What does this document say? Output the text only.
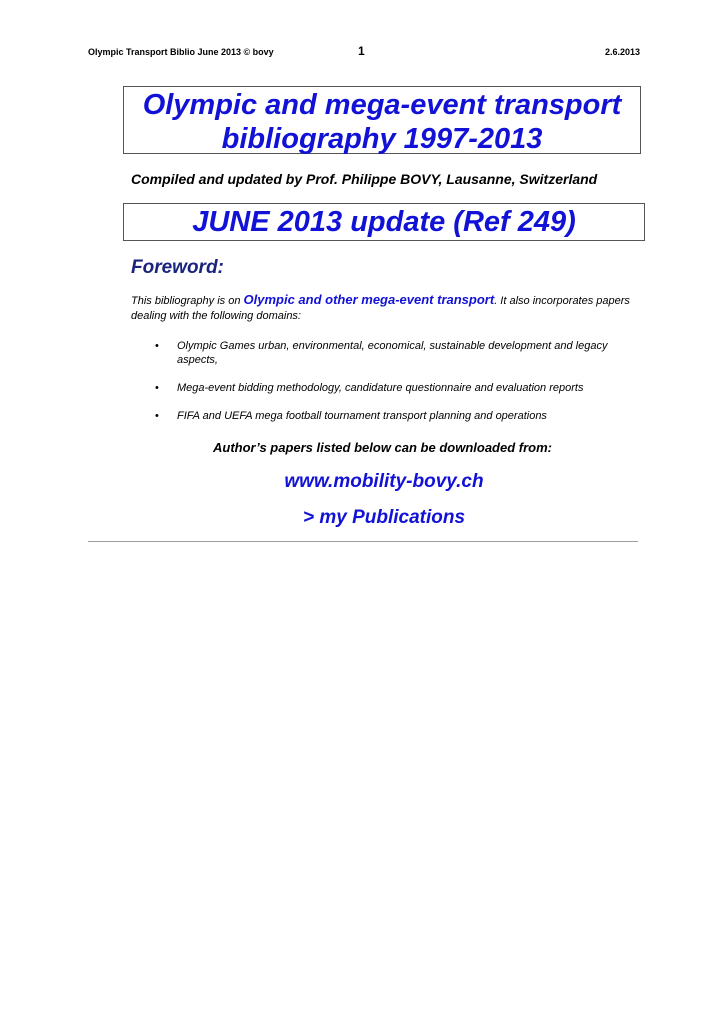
Olympic Transport Biblio June 2013 © bovy	1	2.6.2013
Olympic and mega-event transport
bibliography 1997-2013
Compiled and updated by Prof. Philippe BOVY, Lausanne, Switzerland
JUNE 2013 update (Ref 249)
Foreword:
This bibliography is on Olympic and other mega-event transport. It also incorporates papers dealing with the following domains:
• Olympic Games urban, environmental, economical, sustainable development and legacy aspects,
• Mega-event bidding methodology, candidature questionnaire and evaluation reports
• FIFA and UEFA mega football tournament transport planning and operations
Author’s papers listed below can be downloaded from:
www.mobility-bovy.ch
> my Publications
